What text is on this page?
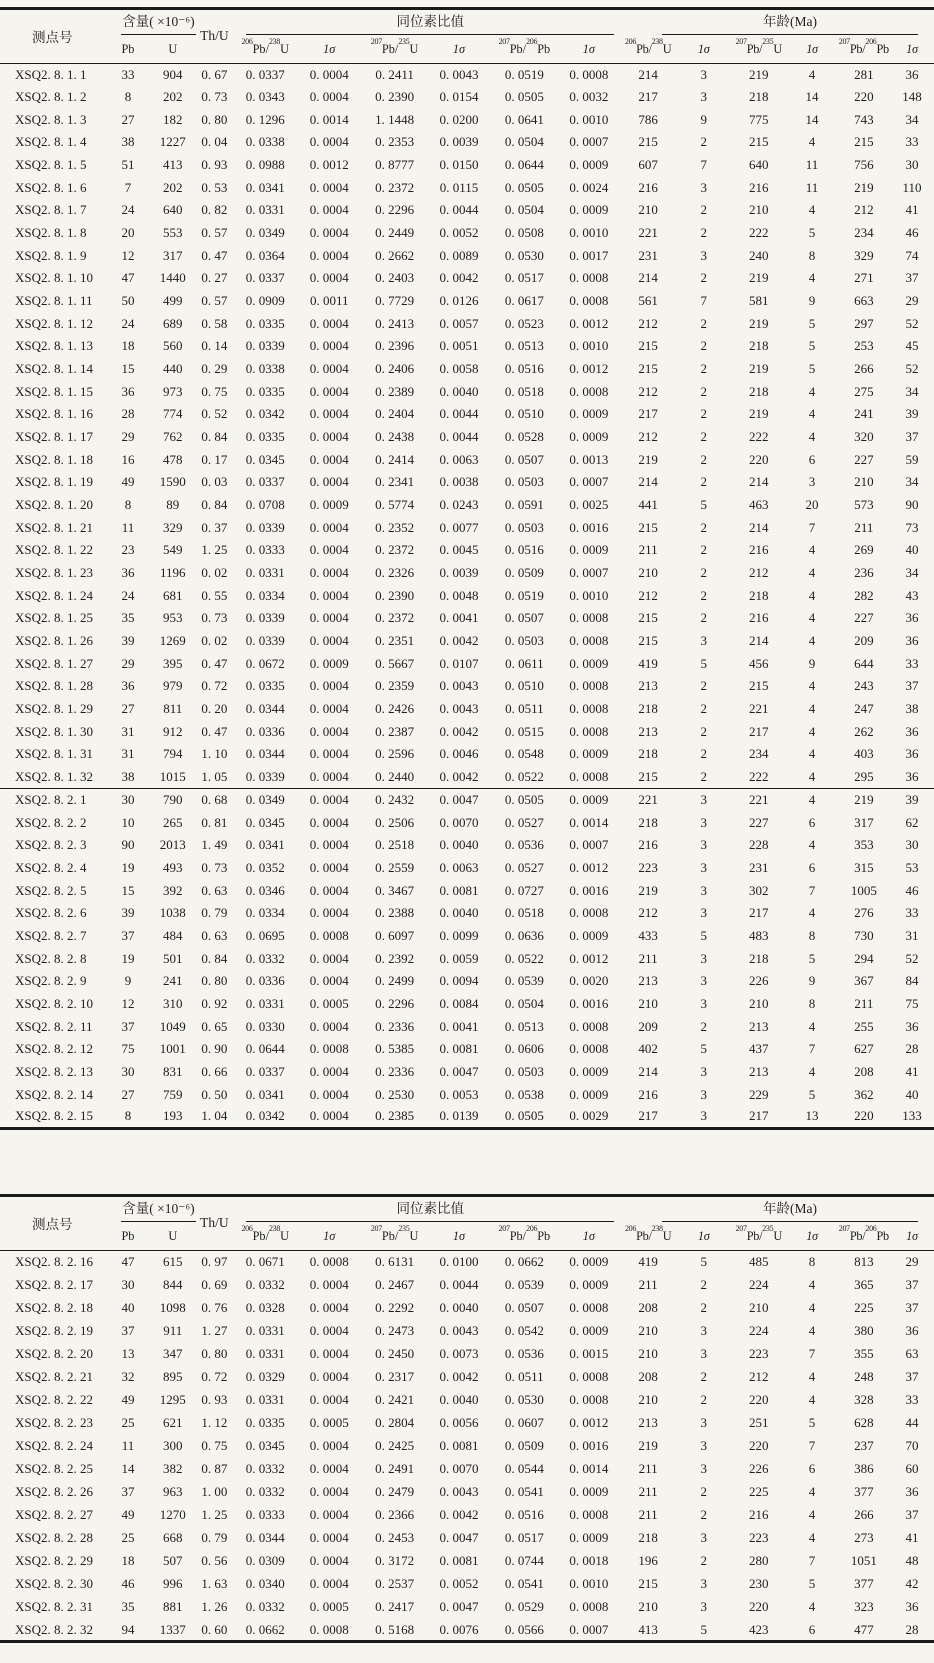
测点号	含量( ×10⁻⁶)		Th/U	同位素比值						年龄(Ma)					

	Pb	U		$^{206}$Pb/$^{238}$U	1σ	$^{207}$Pb/$^{235}$U	1σ	$^{207}$Pb/$^{206}$Pb	1σ	$^{206}$Pb/$^{238}$U	1σ	$^{207}$Pb/$^{235}$U	1σ	$^{207}$Pb/$^{206}$Pb	1σ
XSQ2. 8. 1. 1	33	904	0. 67	0. 0337	0. 0004	0. 2411	0. 0043	0. 0519	0. 0008	214	3	219	4	281	36
XSQ2. 8. 1. 2	8	202	0. 73	0. 0343	0. 0004	0. 2390	0. 0154	0. 0505	0. 0032	217	3	218	14	220	148
XSQ2. 8. 1. 3	27	182	0. 80	0. 1296	0. 0014	1. 1448	0. 0200	0. 0641	0. 0010	786	9	775	14	743	34
XSQ2. 8. 1. 4	38	1227	0. 04	0. 0338	0. 0004	0. 2353	0. 0039	0. 0504	0. 0007	215	2	215	4	215	33
XSQ2. 8. 1. 5	51	413	0. 93	0. 0988	0. 0012	0. 8777	0. 0150	0. 0644	0. 0009	607	7	640	11	756	30
XSQ2. 8. 1. 6	7	202	0. 53	0. 0341	0. 0004	0. 2372	0. 0115	0. 0505	0. 0024	216	3	216	11	219	110
XSQ2. 8. 1. 7	24	640	0. 82	0. 0331	0. 0004	0. 2296	0. 0044	0. 0504	0. 0009	210	2	210	4	212	41
XSQ2. 8. 1. 8	20	553	0. 57	0. 0349	0. 0004	0. 2449	0. 0052	0. 0508	0. 0010	221	2	222	5	234	46
XSQ2. 8. 1. 9	12	317	0. 47	0. 0364	0. 0004	0. 2662	0. 0089	0. 0530	0. 0017	231	3	240	8	329	74
XSQ2. 8. 1. 10	47	1440	0. 27	0. 0337	0. 0004	0. 2403	0. 0042	0. 0517	0. 0008	214	2	219	4	271	37
XSQ2. 8. 1. 11	50	499	0. 57	0. 0909	0. 0011	0. 7729	0. 0126	0. 0617	0. 0008	561	7	581	9	663	29
XSQ2. 8. 1. 12	24	689	0. 58	0. 0335	0. 0004	0. 2413	0. 0057	0. 0523	0. 0012	212	2	219	5	297	52
XSQ2. 8. 1. 13	18	560	0. 14	0. 0339	0. 0004	0. 2396	0. 0051	0. 0513	0. 0010	215	2	218	5	253	45
XSQ2. 8. 1. 14	15	440	0. 29	0. 0338	0. 0004	0. 2406	0. 0058	0. 0516	0. 0012	215	2	219	5	266	52
XSQ2. 8. 1. 15	36	973	0. 75	0. 0335	0. 0004	0. 2389	0. 0040	0. 0518	0. 0008	212	2	218	4	275	34
XSQ2. 8. 1. 16	28	774	0. 52	0. 0342	0. 0004	0. 2404	0. 0044	0. 0510	0. 0009	217	2	219	4	241	39
XSQ2. 8. 1. 17	29	762	0. 84	0. 0335	0. 0004	0. 2438	0. 0044	0. 0528	0. 0009	212	2	222	4	320	37
XSQ2. 8. 1. 18	16	478	0. 17	0. 0345	0. 0004	0. 2414	0. 0063	0. 0507	0. 0013	219	2	220	6	227	59
XSQ2. 8. 1. 19	49	1590	0. 03	0. 0337	0. 0004	0. 2341	0. 0038	0. 0503	0. 0007	214	2	214	3	210	34
XSQ2. 8. 1. 20	8	89	0. 84	0. 0708	0. 0009	0. 5774	0. 0243	0. 0591	0. 0025	441	5	463	20	573	90
XSQ2. 8. 1. 21	11	329	0. 37	0. 0339	0. 0004	0. 2352	0. 0077	0. 0503	0. 0016	215	2	214	7	211	73
XSQ2. 8. 1. 22	23	549	1. 25	0. 0333	0. 0004	0. 2372	0. 0045	0. 0516	0. 0009	211	2	216	4	269	40
XSQ2. 8. 1. 23	36	1196	0. 02	0. 0331	0. 0004	0. 2326	0. 0039	0. 0509	0. 0007	210	2	212	4	236	34
XSQ2. 8. 1. 24	24	681	0. 55	0. 0334	0. 0004	0. 2390	0. 0048	0. 0519	0. 0010	212	2	218	4	282	43
XSQ2. 8. 1. 25	35	953	0. 73	0. 0339	0. 0004	0. 2372	0. 0041	0. 0507	0. 0008	215	2	216	4	227	36
XSQ2. 8. 1. 26	39	1269	0. 02	0. 0339	0. 0004	0. 2351	0. 0042	0. 0503	0. 0008	215	3	214	4	209	36
XSQ2. 8. 1. 27	29	395	0. 47	0. 0672	0. 0009	0. 5667	0. 0107	0. 0611	0. 0009	419	5	456	9	644	33
XSQ2. 8. 1. 28	36	979	0. 72	0. 0335	0. 0004	0. 2359	0. 0043	0. 0510	0. 0008	213	2	215	4	243	37
XSQ2. 8. 1. 29	27	811	0. 20	0. 0344	0. 0004	0. 2426	0. 0043	0. 0511	0. 0008	218	2	221	4	247	38
XSQ2. 8. 1. 30	31	912	0. 47	0. 0336	0. 0004	0. 2387	0. 0042	0. 0515	0. 0008	213	2	217	4	262	36
XSQ2. 8. 1. 31	31	794	1. 10	0. 0344	0. 0004	0. 2596	0. 0046	0. 0548	0. 0009	218	2	234	4	403	36
XSQ2. 8. 1. 32	38	1015	1. 05	0. 0339	0. 0004	0. 2440	0. 0042	0. 0522	0. 0008	215	2	222	4	295	36
XSQ2. 8. 2. 1	30	790	0. 68	0. 0349	0. 0004	0. 2432	0. 0047	0. 0505	0. 0009	221	3	221	4	219	39
XSQ2. 8. 2. 2	10	265	0. 81	0. 0345	0. 0004	0. 2506	0. 0070	0. 0527	0. 0014	218	3	227	6	317	62
XSQ2. 8. 2. 3	90	2013	1. 49	0. 0341	0. 0004	0. 2518	0. 0040	0. 0536	0. 0007	216	3	228	4	353	30
XSQ2. 8. 2. 4	19	493	0. 73	0. 0352	0. 0004	0. 2559	0. 0063	0. 0527	0. 0012	223	3	231	6	315	53
XSQ2. 8. 2. 5	15	392	0. 63	0. 0346	0. 0004	0. 3467	0. 0081	0. 0727	0. 0016	219	3	302	7	1005	46
XSQ2. 8. 2. 6	39	1038	0. 79	0. 0334	0. 0004	0. 2388	0. 0040	0. 0518	0. 0008	212	3	217	4	276	33
XSQ2. 8. 2. 7	37	484	0. 63	0. 0695	0. 0008	0. 6097	0. 0099	0. 0636	0. 0009	433	5	483	8	730	31
XSQ2. 8. 2. 8	19	501	0. 84	0. 0332	0. 0004	0. 2392	0. 0059	0. 0522	0. 0012	211	3	218	5	294	52
XSQ2. 8. 2. 9	9	241	0. 80	0. 0336	0. 0004	0. 2499	0. 0094	0. 0539	0. 0020	213	3	226	9	367	84
XSQ2. 8. 2. 10	12	310	0. 92	0. 0331	0. 0005	0. 2296	0. 0084	0. 0504	0. 0016	210	3	210	8	211	75
XSQ2. 8. 2. 11	37	1049	0. 65	0. 0330	0. 0004	0. 2336	0. 0041	0. 0513	0. 0008	209	2	213	4	255	36
XSQ2. 8. 2. 12	75	1001	0. 90	0. 0644	0. 0008	0. 5385	0. 0081	0. 0606	0. 0008	402	5	437	7	627	28
XSQ2. 8. 2. 13	30	831	0. 66	0. 0337	0. 0004	0. 2336	0. 0047	0. 0503	0. 0009	214	3	213	4	208	41
XSQ2. 8. 2. 14	27	759	0. 50	0. 0341	0. 0004	0. 2530	0. 0053	0. 0538	0. 0009	216	3	229	5	362	40
XSQ2. 8. 2. 15	8	193	1. 04	0. 0342	0. 0004	0. 2385	0. 0139	0. 0505	0. 0029	217	3	217	13	220	133
测点号	含量( ×10⁻⁶)		Th/U	同位素比值						年龄(Ma)					

	Pb	U		$^{206}$Pb/$^{238}$U	1σ	$^{207}$Pb/$^{235}$U	1σ	$^{207}$Pb/$^{206}$Pb	1σ	$^{206}$Pb/$^{238}$U	1σ	$^{207}$Pb/$^{235}$U	1σ	$^{207}$Pb/$^{206}$Pb	1σ
XSQ2. 8. 2. 16	47	615	0. 97	0. 0671	0. 0008	0. 6131	0. 0100	0. 0662	0. 0009	419	5	485	8	813	29
XSQ2. 8. 2. 17	30	844	0. 69	0. 0332	0. 0004	0. 2467	0. 0044	0. 0539	0. 0009	211	2	224	4	365	37
XSQ2. 8. 2. 18	40	1098	0. 76	0. 0328	0. 0004	0. 2292	0. 0040	0. 0507	0. 0008	208	2	210	4	225	37
XSQ2. 8. 2. 19	37	911	1. 27	0. 0331	0. 0004	0. 2473	0. 0043	0. 0542	0. 0009	210	3	224	4	380	36
XSQ2. 8. 2. 20	13	347	0. 80	0. 0331	0. 0004	0. 2450	0. 0073	0. 0536	0. 0015	210	3	223	7	355	63
XSQ2. 8. 2. 21	32	895	0. 72	0. 0329	0. 0004	0. 2317	0. 0042	0. 0511	0. 0008	208	2	212	4	248	37
XSQ2. 8. 2. 22	49	1295	0. 93	0. 0331	0. 0004	0. 2421	0. 0040	0. 0530	0. 0008	210	2	220	4	328	33
XSQ2. 8. 2. 23	25	621	1. 12	0. 0335	0. 0005	0. 2804	0. 0056	0. 0607	0. 0012	213	3	251	5	628	44
XSQ2. 8. 2. 24	11	300	0. 75	0. 0345	0. 0004	0. 2425	0. 0081	0. 0509	0. 0016	219	3	220	7	237	70
XSQ2. 8. 2. 25	14	382	0. 87	0. 0332	0. 0004	0. 2491	0. 0070	0. 0544	0. 0014	211	3	226	6	386	60
XSQ2. 8. 2. 26	37	963	1. 00	0. 0332	0. 0004	0. 2479	0. 0043	0. 0541	0. 0009	211	2	225	4	377	36
XSQ2. 8. 2. 27	49	1270	1. 25	0. 0333	0. 0004	0. 2366	0. 0042	0. 0516	0. 0008	211	2	216	4	266	37
XSQ2. 8. 2. 28	25	668	0. 79	0. 0344	0. 0004	0. 2453	0. 0047	0. 0517	0. 0009	218	3	223	4	273	41
XSQ2. 8. 2. 29	18	507	0. 56	0. 0309	0. 0004	0. 3172	0. 0081	0. 0744	0. 0018	196	2	280	7	1051	48
XSQ2. 8. 2. 30	46	996	1. 63	0. 0340	0. 0004	0. 2537	0. 0052	0. 0541	0. 0010	215	3	230	5	377	42
XSQ2. 8. 2. 31	35	881	1. 26	0. 0332	0. 0005	0. 2417	0. 0047	0. 0529	0. 0008	210	3	220	4	323	36
XSQ2. 8. 2. 32	94	1337	0. 60	0. 0662	0. 0008	0. 5168	0. 0076	0. 0566	0. 0007	413	5	423	6	477	28
